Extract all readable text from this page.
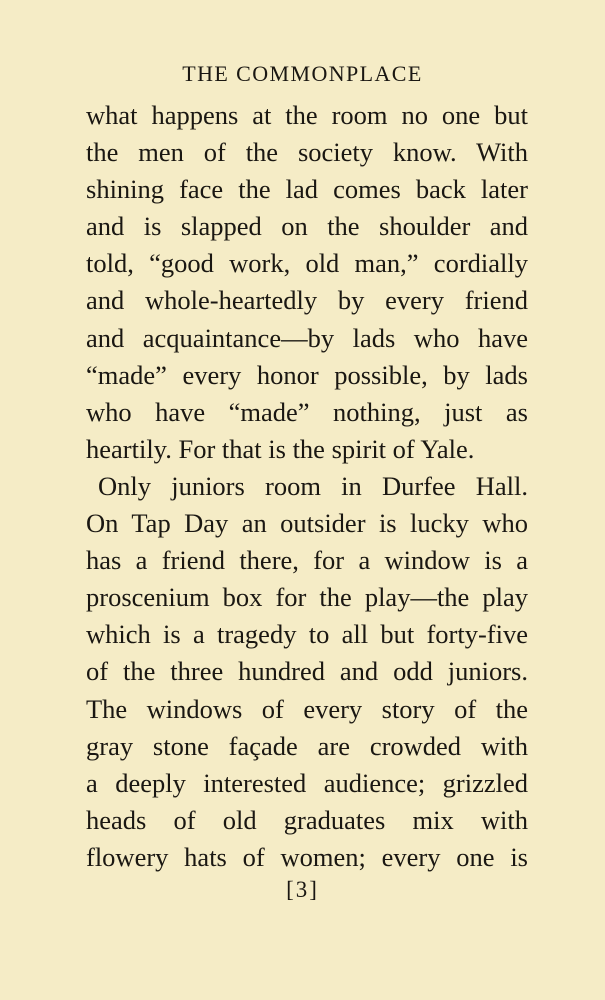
THE COMMONPLACE
what happens at the room no one but
the men of the society know. With
shining face the lad comes back later
and is slapped on the shoulder and
told, “good work, old man,” cordially
and whole-heartedly by every friend
and acquaintance—by lads who have
“made” every honor possible, by lads
who have “made” nothing, just as
heartily. For that is the spirit of Yale.
Only juniors room in Durfee Hall.
On Tap Day an outsider is lucky who
has a friend there, for a window is a
proscenium box for the play—the play
which is a tragedy to all but forty-five
of the three hundred and odd juniors.
The windows of every story of the
gray stone façade are crowded with
a deeply interested audience; grizzled
heads of old graduates mix with
flowery hats of women; every one is
[3]
